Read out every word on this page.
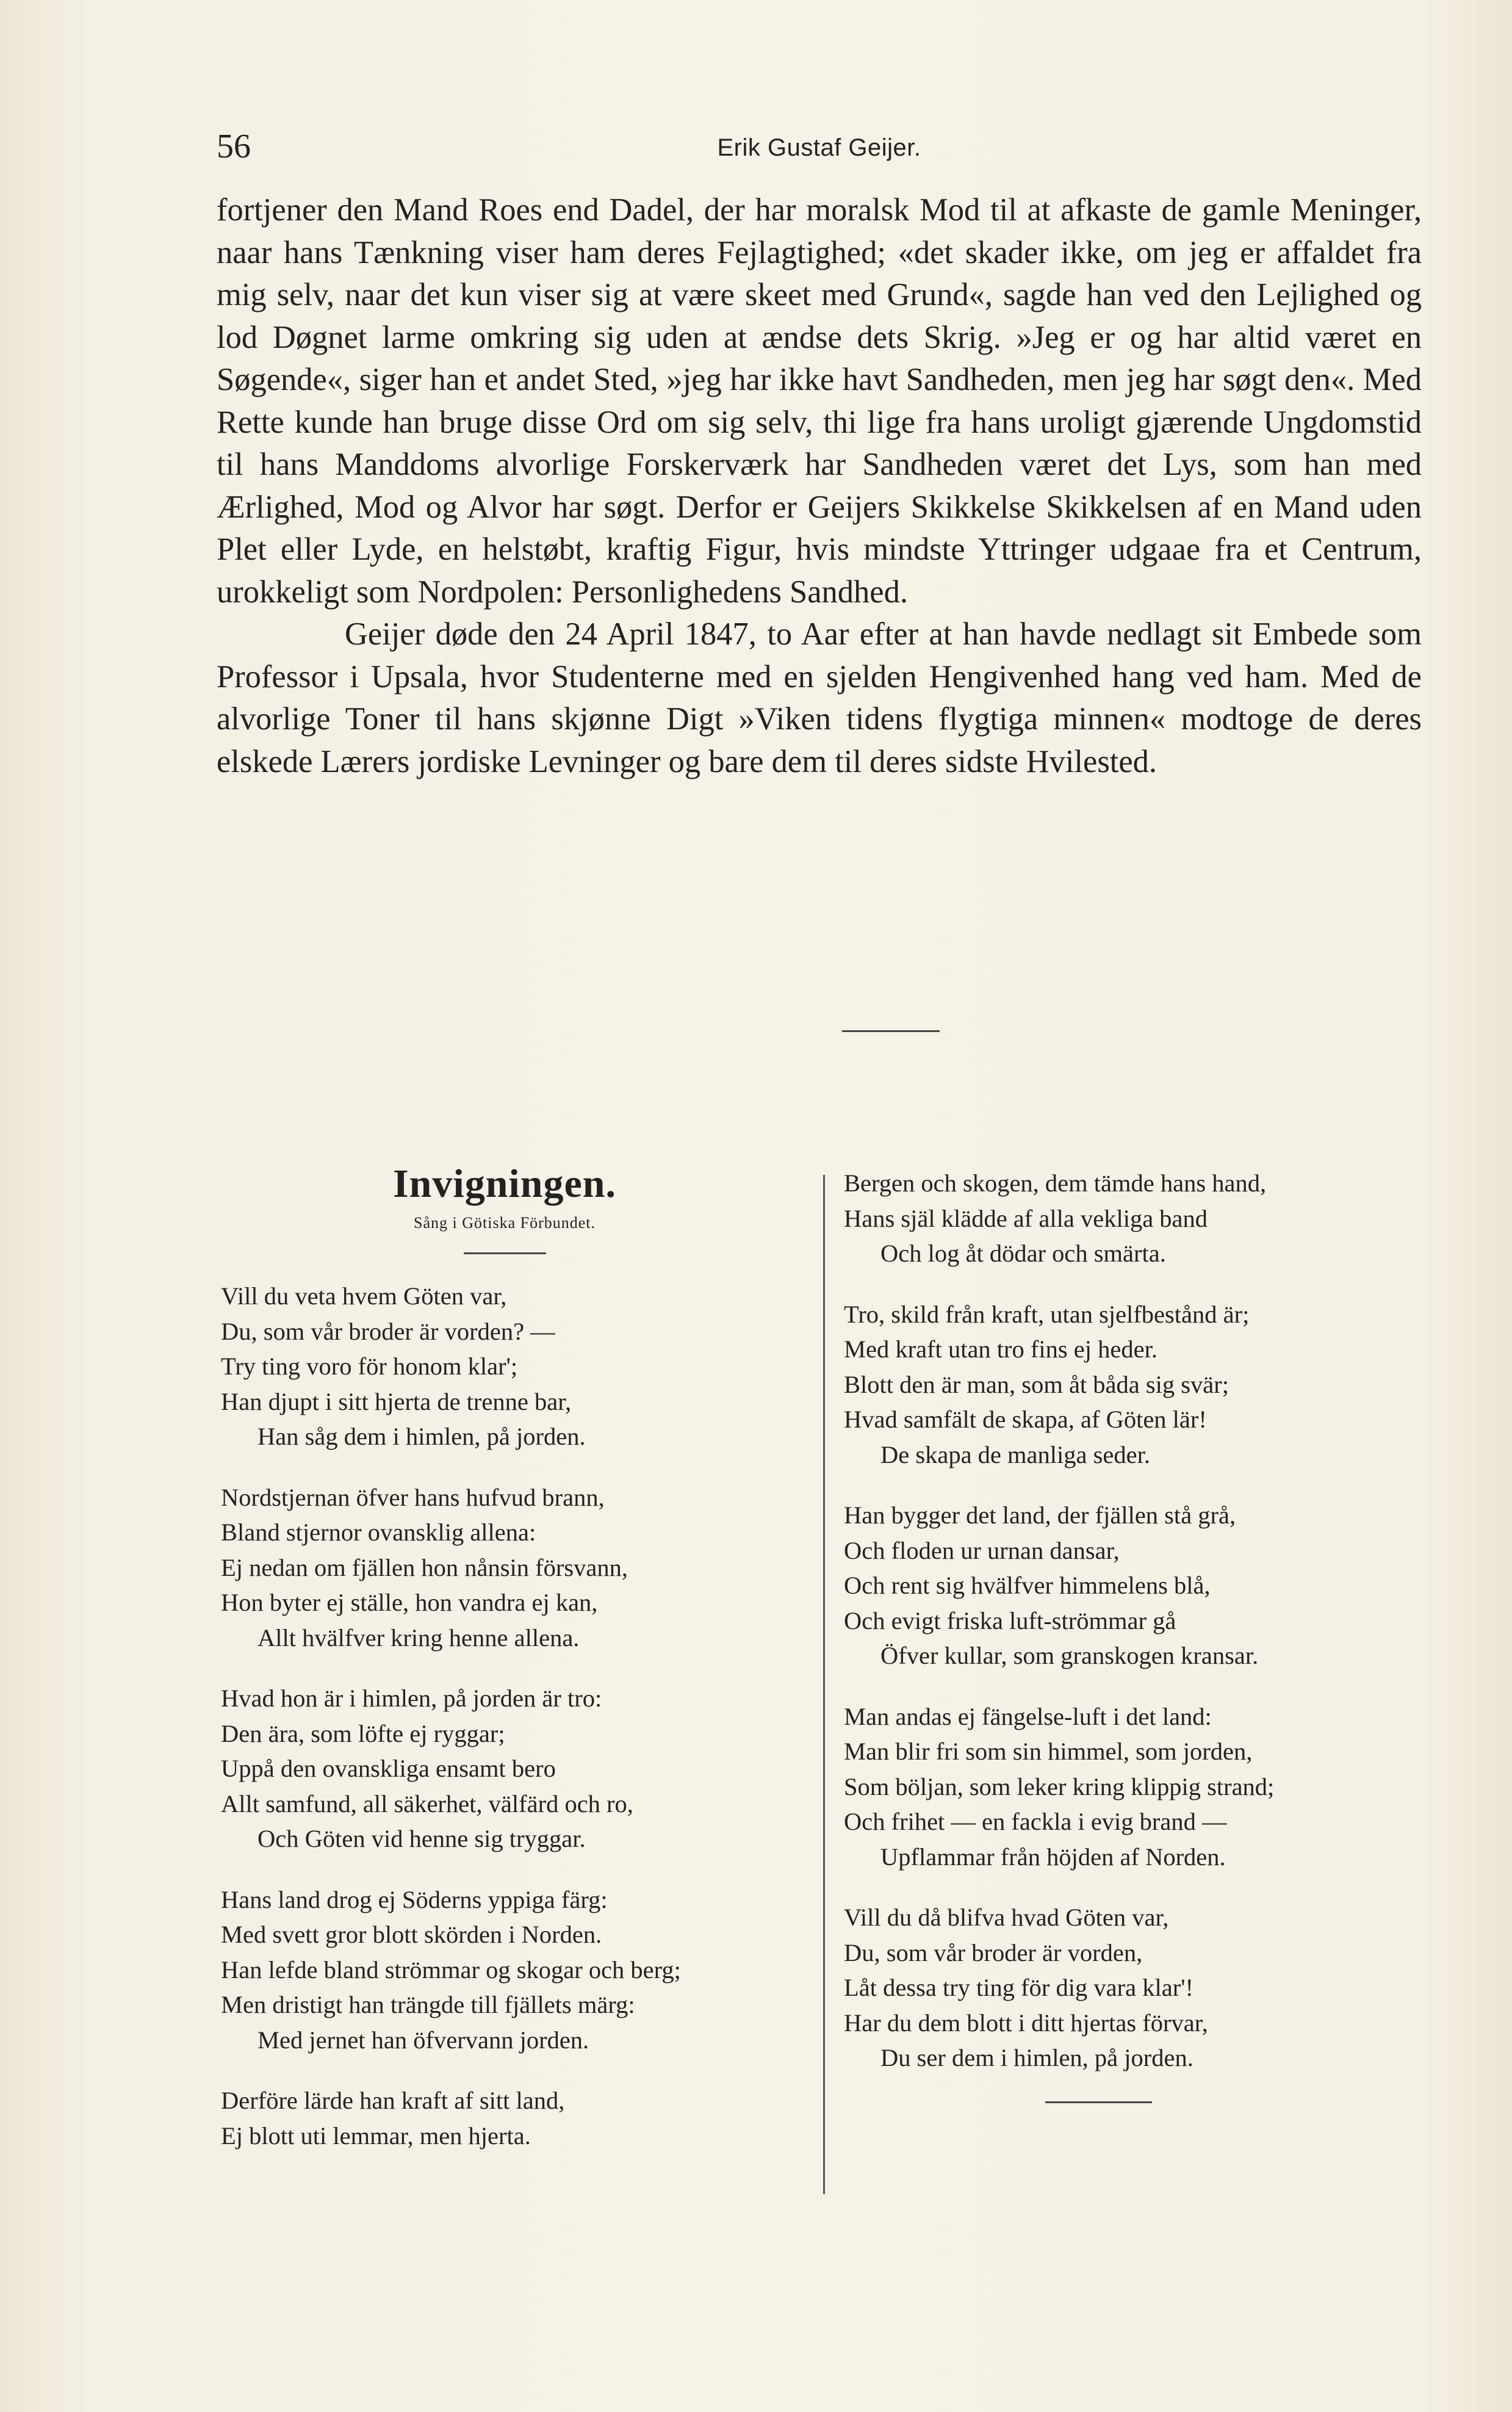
56	Erik Gustaf Geijer.

fortjener den Mand Roes end Dadel, der har moralsk Mod til at afkaste de gamle Meninger, naar hans Tænkning viser ham deres Fejlagtighed; «det skader ikke, om jeg er affaldet fra mig selv, naar det kun viser sig at være skeet med Grund«, sagde han ved den Lejlighed og lod Døgnet larme omkring sig uden at ændse dets Skrig. »Jeg er og har altid været en Søgende«, siger han et andet Sted, »jeg har ikke havt Sandheden, men jeg har søgt den«. Med Rette kunde han bruge disse Ord om sig selv, thi lige fra hans uroligt gjærende Ungdomstid til hans Manddoms alvorlige Forskerværk har Sandheden været det Lys, som han med Ærlighed, Mod og Alvor har søgt. Derfor er Geijers Skikkelse Skikkelsen af en Mand uden Plet eller Lyde, en helstøbt, kraftig Figur, hvis mindste Yttringer udgaae fra et Centrum, urokkeligt som Nordpolen: Personlighedens Sandhed.

Geijer døde den 24 April 1847, to Aar efter at han havde nedlagt sit Embede som Professor i Upsala, hvor Studenterne med en sjelden Hengivenhed hang ved ham. Med de alvorlige Toner til hans skjønne Digt »Viken tidens flygtiga minnen« modtoge de deres elskede Lærers jordiske Levninger og bare dem til deres sidste Hvilested.

Invigningen.
Sång i Götiska Förbundet.
Vill du veta hvem Göten var,
Du, som vår broder är vorden? —
Try ting voro för honom klar';
Han djupt i sitt hjerta de trenne bar,
Han såg dem i himlen, på jorden.
Nordstjernan öfver hans hufvud brann,
Bland stjernor ovansklig allena:
Ej nedan om fjällen hon nånsin försvann,
Hon byter ej ställe, hon vandra ej kan,
Allt hvälfver kring henne allena.
Hvad hon är i himlen, på jorden är tro:
Den ära, som löfte ej ryggar;
Uppå den ovanskliga ensamt bero
Allt samfund, all säkerhet, välfärd och ro,
Och Göten vid henne sig tryggar.
Hans land drog ej Söderns yppiga färg:
Med svett gror blott skörden i Norden.
Han lefde bland strömmar og skogar och berg;
Men dristigt han trängde till fjällets märg:
Med jernet han öfvervann jorden.
Derföre lärde han kraft af sitt land,
Ej blott uti lemmar, men hjerta.
Bergen och skogen, dem tämde hans hand,
Hans själ klädde af alla vekliga band
Och log åt dödar och smärta.
Tro, skild från kraft, utan sjelfbestånd är;
Med kraft utan tro fins ej heder.
Blott den är man, som åt båda sig svär;
Hvad samfält de skapa, af Göten lär!
De skapa de manliga seder.
Han bygger det land, der fjällen stå grå,
Och floden ur urnan dansar,
Och rent sig hvälfver himmelens blå,
Och evigt friska luft-strömmar gå
Öfver kullar, som granskogen kransar.
Man andas ej fängelse-luft i det land:
Man blir fri som sin himmel, som jorden,
Som böljan, som leker kring klippig strand;
Och frihet — en fackla i evig brand —
Upflammar från höjden af Norden.
Vill du då blifva hvad Göten var,
Du, som vår broder är vorden,
Låt dessa try ting för dig vara klar'!
Har du dem blott i ditt hjertas förvar,
Du ser dem i himlen, på jorden.
